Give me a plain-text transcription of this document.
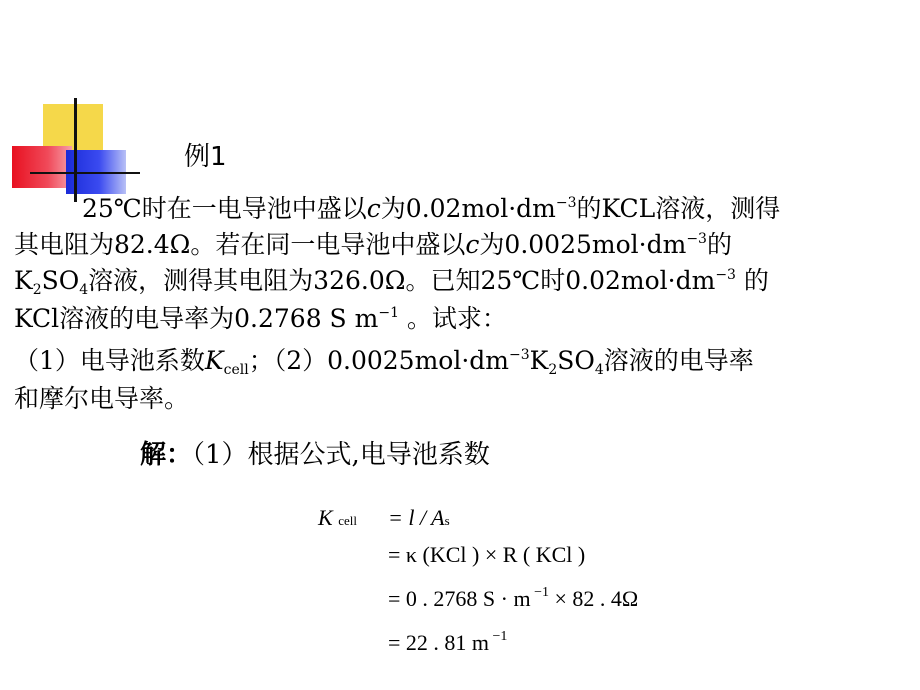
例1
25℃时在一电导池中盛以c为$0.02mol\cdot dm^{-3}$的KCL溶液，测得
其电阻为82.4Ω。若在同一电导池中盛以c为$0.0025mol\cdot dm^{-3}$的
$K_2SO_4$溶液，测得其电阻为326.0Ω。已知25℃时$0.02mol\cdot dm^{-3}$ 的
KCl溶液的电导率为0.2768 S $m^{-1}$ 。试求：
（1）电导池系数$K_{cell}$；$(2)0.0025mol\cdot dm^{-3}K_2SO_4$溶液的电导率
和摩尔电导率。
解：（1）根据公式,电导池系数
K cell = l / As
= κ (KCl ) × R ( KCl )
= 0 . 2768 S · m $^{-1}$ × 82 . 4Ω
= 22 . 81 m $^{-1}$
